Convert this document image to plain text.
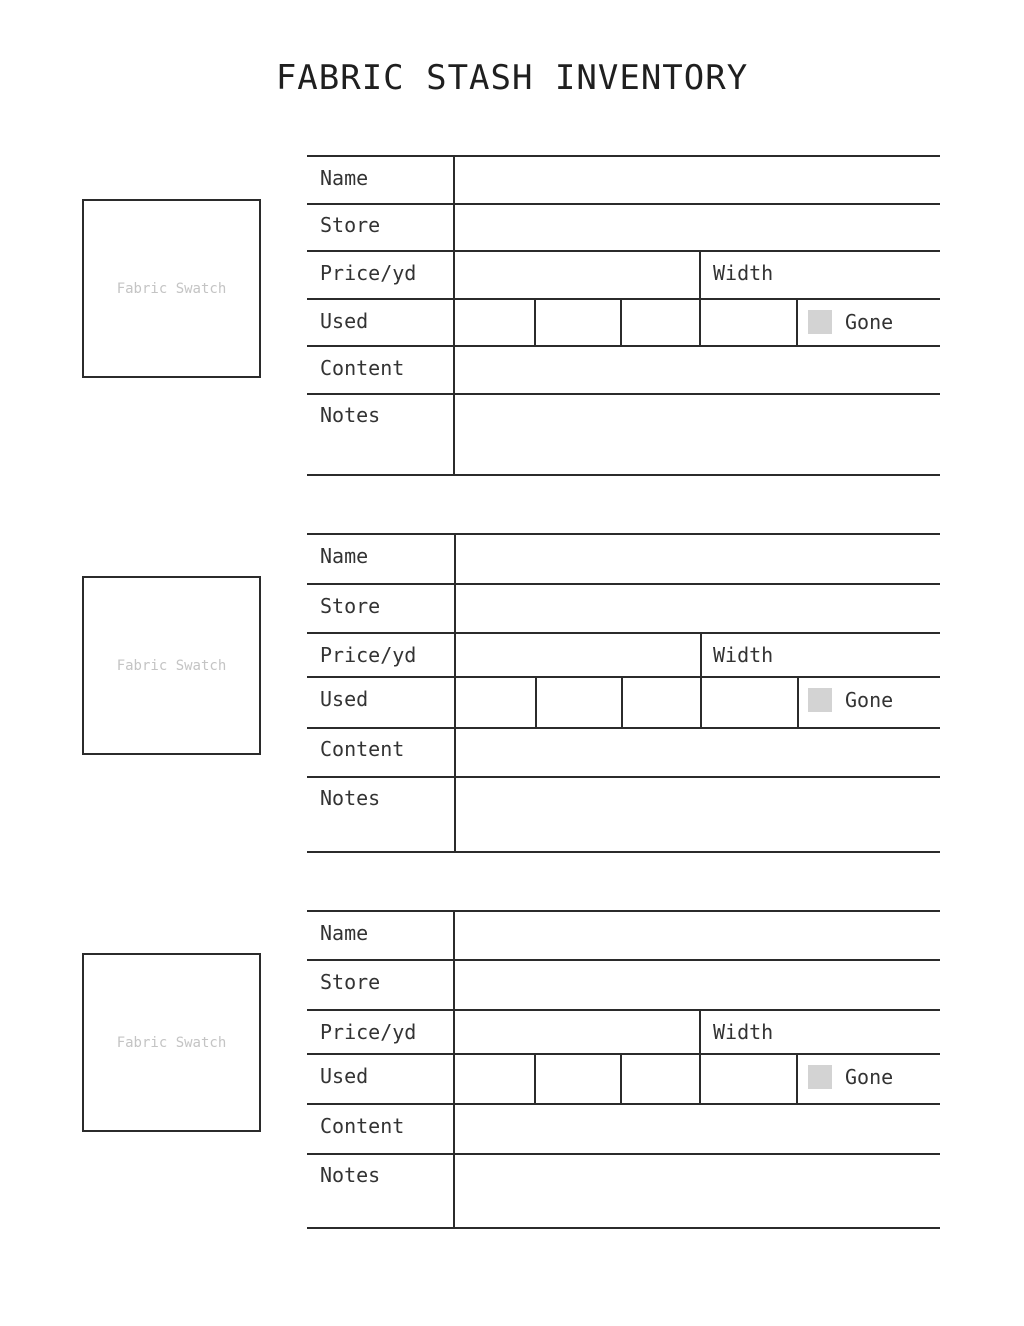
FABRIC STASH INVENTORY
Fabric Swatch
Name
Store
Price/yd	Width
Used	Gone
Content
Notes
Fabric Swatch
Name
Store
Price/yd	Width
Used	Gone
Content
Notes
Fabric Swatch
Name
Store
Price/yd	Width
Used	Gone
Content
Notes
